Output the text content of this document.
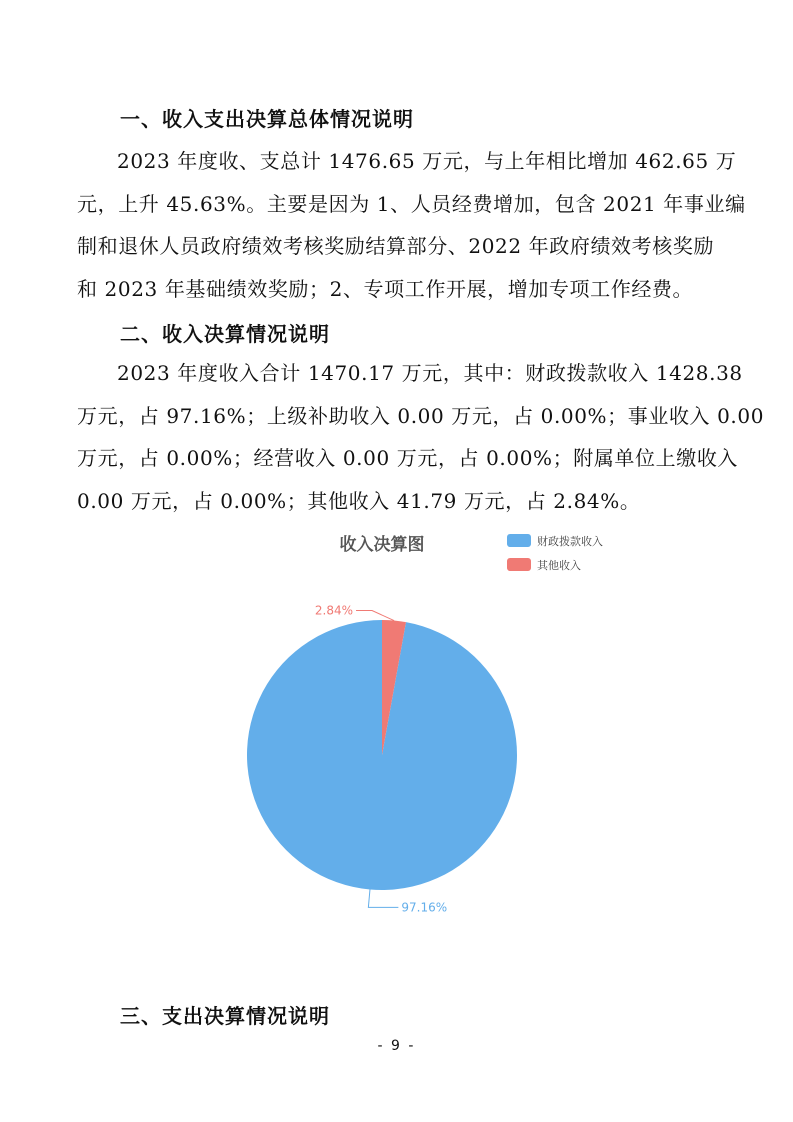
一、收入支出决算总体情况说明
2023 年度收、支总计 1476.65 万元，与上年相比增加 462.65 万
元，上升 45.63%。主要是因为 1、人员经费增加，包含 2021 年事业编
制和退休人员政府绩效考核奖励结算部分、2022 年政府绩效考核奖励
和 2023 年基础绩效奖励；2、专项工作开展，增加专项工作经费。
二、收入决算情况说明
2023 年度收入合计 1470.17 万元，其中：财政拨款收入 1428.38
万元，占 97.16%；上级补助收入 0.00 万元，占 0.00%；事业收入 0.00
万元，占 0.00%；经营收入 0.00 万元，占 0.00%；附属单位上缴收入
0.00 万元，占 0.00%；其他收入 41.79 万元，占 2.84%。
收入决算图	财政拨款收入
其他收入
97.16%
2.84%
- 9 -
三、支出决算情况说明
